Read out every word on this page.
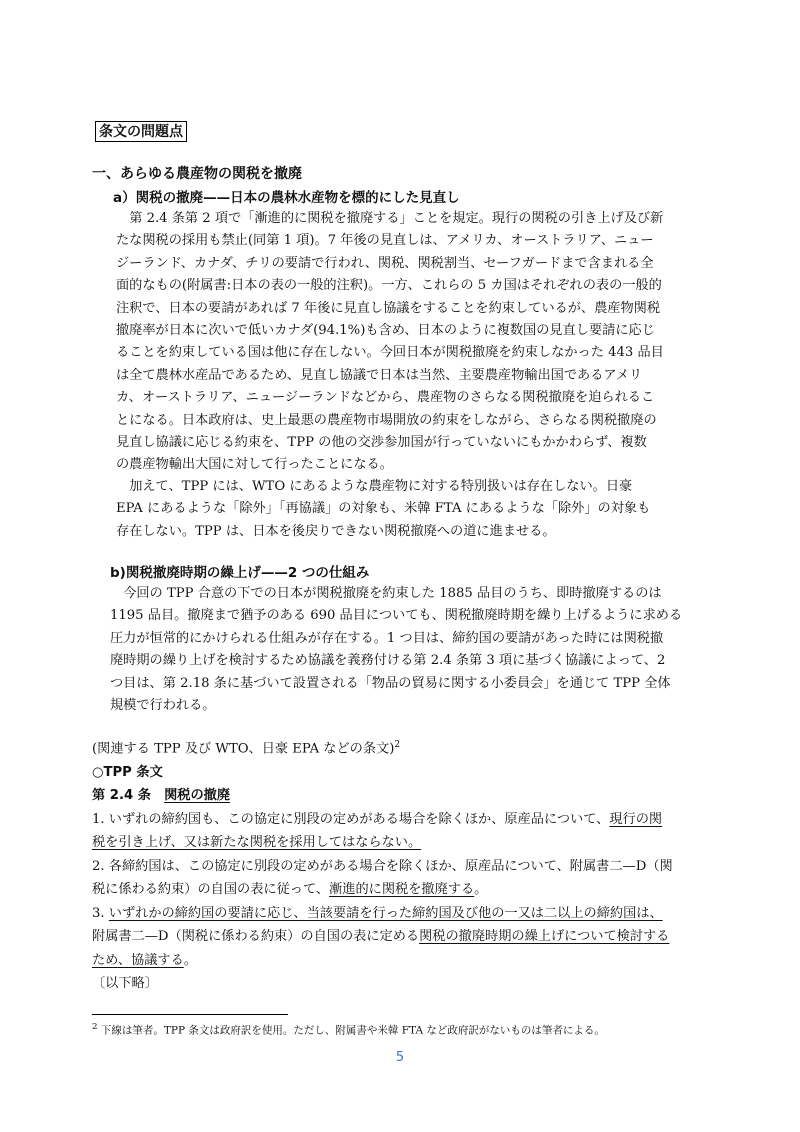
条文の問題点
一、あらゆる農産物の関税を撤廃
a）関税の撤廃——日本の農林水産物を標的にした見直し
第 2.4 条第 2 項で「漸進的に関税を撤廃する」ことを規定。現行の関税の引き上げ及び新
たな関税の採用も禁止(同第 1 項)。7 年後の見直しは、アメリカ、オーストラリア、ニュー
ジーランド、カナダ、チリの要請で行われ、関税、関税割当、セーフガードまで含まれる全
面的なもの(附属書:日本の表の一般的注釈)。一方、これらの 5 カ国はそれぞれの表の一般的
注釈で、日本の要請があれば 7 年後に見直し協議をすることを約束しているが、農産物関税
撤廃率が日本に次いで低いカナダ(94.1%)も含め、日本のように複数国の見直し要請に応じ
ることを約束している国は他に存在しない。今回日本が関税撤廃を約束しなかった 443 品目
は全て農林水産品であるため、見直し協議で日本は当然、主要農産物輸出国であるアメリ
カ、オーストラリア、ニュージーランドなどから、農産物のさらなる関税撤廃を迫られるこ
とになる。日本政府は、史上最悪の農産物市場開放の約束をしながら、さらなる関税撤廃の
見直し協議に応じる約束を、TPP の他の交渉参加国が行っていないにもかかわらず、複数
の農産物輸出大国に対して行ったことになる。
加えて、TPP には、WTO にあるような農産物に対する特別扱いは存在しない。日豪
EPA にあるような「除外」「再協議」の対象も、米韓 FTA にあるような「除外」の対象も
存在しない。TPP は、日本を後戻りできない関税撤廃への道に進ませる。
b)関税撤廃時期の繰上げ——2 つの仕組み
今回の TPP 合意の下での日本が関税撤廃を約束した 1885 品目のうち、即時撤廃するのは
1195 品目。撤廃まで猶予のある 690 品目についても、関税撤廃時期を繰り上げるように求める
圧力が恒常的にかけられる仕組みが存在する。1 つ目は、締約国の要請があった時には関税撤
廃時期の繰り上げを検討するため協議を義務付ける第 2.4 条第 3 項に基づく協議によって、2
つ目は、第 2.18 条に基づいて設置される「物品の貿易に関する小委員会」を通じて TPP 全体
規模で行われる。
(関連する TPP 及び WTO、日豪 EPA などの条文)$^2$
○TPP 条文
第 2.4 条　 関税の撤廃
1. いずれの締約国も、この協定に別段の定めがある場合を除くほか、原産品について、現行の関
税を引き上げ、又は新たな関税を採用してはならない。
2. 各締約国は、この協定に別段の定めがある場合を除くほか、原産品について、附属書二—D（関
税に係わる約束）の自国の表に従って、漸進的に関税を撤廃する。
3. いずれかの締約国の要請に応じ、当該要請を行った締約国及び他の一又は二以上の締約国は、
附属書二—D（関税に係わる約束）の自国の表に定める関税の撤廃時期の繰上げについて検討する
ため、協議する。
〔以下略〕
$^2$ 下線は筆者。TPP 条文は政府訳を使用。ただし、附属書や米韓 FTA など政府訳がないものは筆者による。
5
